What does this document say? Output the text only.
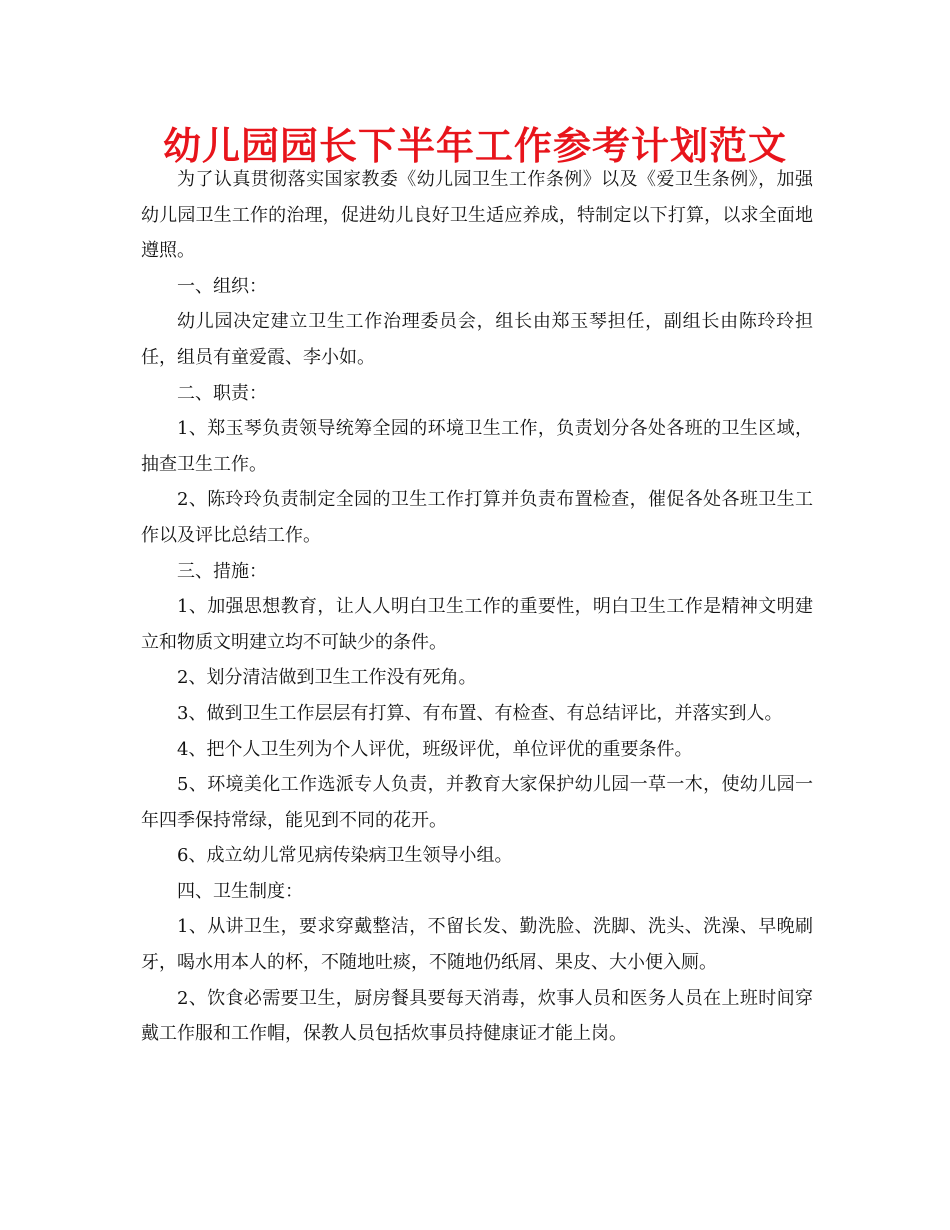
幼儿园园长下半年工作参考计划范文

为了认真贯彻落实国家教委《幼儿园卫生工作条例》以及《爱卫生条例》，加强幼儿园卫生工作的治理，促进幼儿良好卫生适应养成，特制定以下打算，以求全面地遵照。

一、组织：

幼儿园决定建立卫生工作治理委员会，组长由郑玉琴担任，副组长由陈玲玲担任，组员有童爱霞、李小如。

二、职责：

1、郑玉琴负责领导统筹全园的环境卫生工作，负责划分各处各班的卫生区域，抽查卫生工作。

2、陈玲玲负责制定全园的卫生工作打算并负责布置检查，催促各处各班卫生工作以及评比总结工作。

三、措施：

1、加强思想教育，让人人明白卫生工作的重要性，明白卫生工作是精神文明建立和物质文明建立均不可缺少的条件。

2、划分清洁做到卫生工作没有死角。

3、做到卫生工作层层有打算、有布置、有检查、有总结评比，并落实到人。

4、把个人卫生列为个人评优，班级评优，单位评优的重要条件。

5、环境美化工作选派专人负责，并教育大家保护幼儿园一草一木，使幼儿园一年四季保持常绿，能见到不同的花开。

6、成立幼儿常见病传染病卫生领导小组。

四、卫生制度：

1、从讲卫生，要求穿戴整洁，不留长发、勤洗脸、洗脚、洗头、洗澡、早晚刷牙，喝水用本人的杯，不随地吐痰，不随地仍纸屑、果皮、大小便入厕。

2、饮食必需要卫生，厨房餐具要每天消毒，炊事人员和医务人员在上班时间穿戴工作服和工作帽，保教人员包括炊事员持健康证才能上岗。
